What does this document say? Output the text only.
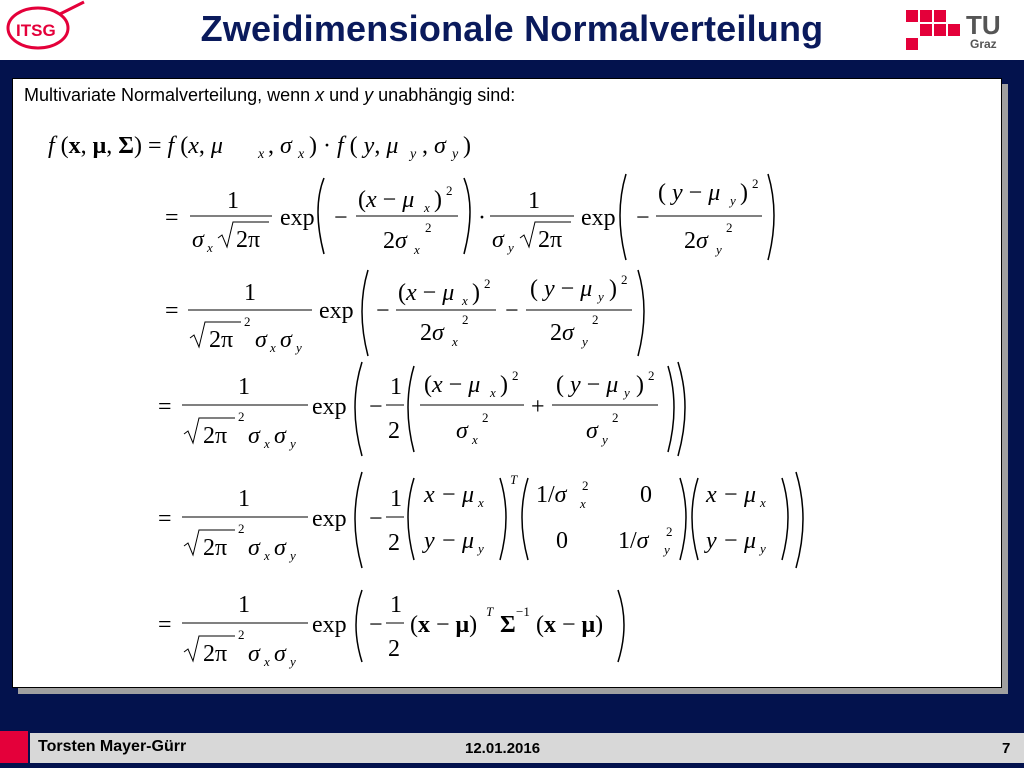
ITSG	Zweidimensionale Normalverteilung	TU
Graz
Multivariate Normalverteilung, wenn x und y unabhängig sind:
f (x, μ, Σ) = f (x, μ	x , σ x ) · f ( y, μ y , σ y )
=
1
σ x 2π
exp −
(x − μ x ) 2
2σ x
2 ·
1
σ y 2π
exp −
( y − μ y ) 2
2σ y
2
=
1
2π
2
σ x σ y
exp −
(x − μ x ) 2
2σ x
2 −
( y − μ y ) 2
2σ y
2
=
1
2π
2
σ x σ y
exp −
1
2
(x − μ x ) 2
σ x
2 +
( y − μ y ) 2
σ y
2
=
1
2π
2
σ x σ y
exp −
1
2
x − μ x
y − μ y
T
1/σ x
2 0
0 1/σ y
2
x − μ x
y − μ y
=
1
2π
2
σ x σ y
exp −
1
2
(x − μ)
T
Σ
−1
(x − μ)
Torsten Mayer-Gürr	12.01.2016	7
